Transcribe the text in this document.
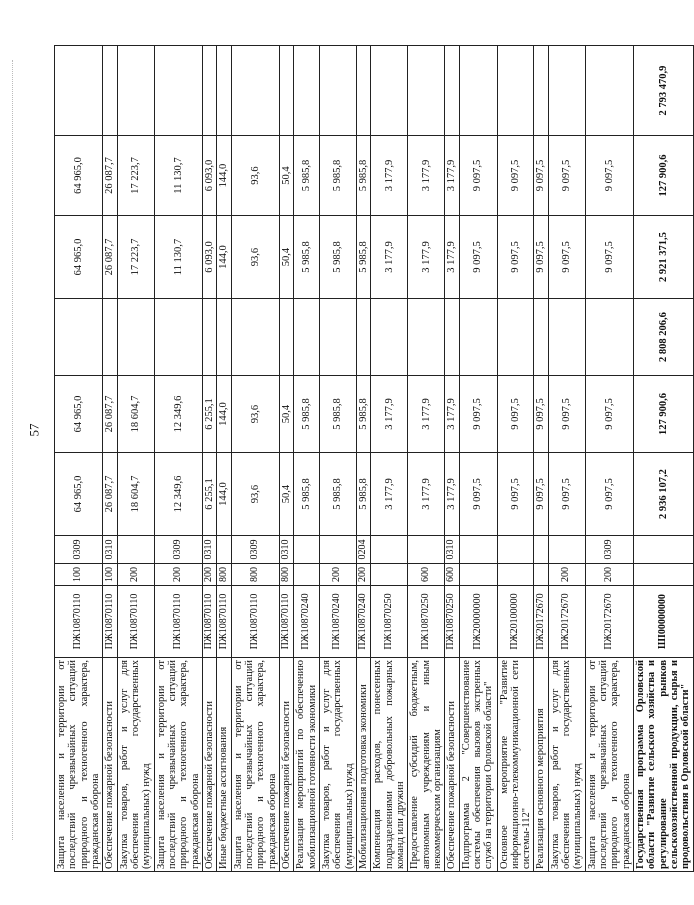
57
Защита населения и территории от последствий чрезвычайных ситуаций природного и техногенного характера, гражданская оборона	ПЖ10870110	100	0309	64 965,0	64 965,0		64 965,0	64 965,0	
Обеспечение пожарной безопасности	ПЖ10870110	100	0310	26 087,7	26 087,7		26 087,7	26 087,7	
Закупка товаров, работ и услуг для обеспечения государственных (муниципальных) нужд	ПЖ10870110	200		18 604,7	18 604,7		17 223,7	17 223,7	
Защита населения и территории от последствий чрезвычайных ситуаций природного и техногенного характера, гражданская оборона	ПЖ10870110	200	0309	12 349,6	12 349,6		11 130,7	11 130,7	
Обеспечение пожарной безопасности	ПЖ10870110	200	0310	6 255,1	6 255,1		6 093,0	6 093,0	
Иные бюджетные ассигнования	ПЖ10870110	800		144,0	144,0		144,0	144,0	
Защита населения и территории от последствий чрезвычайных ситуаций природного и техногенного характера, гражданская оборона	ПЖ10870110	800	0309	93,6	93,6		93,6	93,6	
Обеспечение пожарной безопасности	ПЖ10870110	800	0310	50,4	50,4		50,4	50,4	
Реализация мероприятий по обеспечению мобилизационной готовности экономики	ПЖ10870240			5 985,8	5 985,8		5 985,8	5 985,8	
Закупка товаров, работ и услуг для обеспечения государственных (муниципальных) нужд	ПЖ10870240	200		5 985,8	5 985,8		5 985,8	5 985,8	
Мобилизационная подготовка экономики	ПЖ10870240	200	0204	5 985,8	5 985,8		5 985,8	5 985,8	
Компенсация расходов, понесенных подразделениями добровольных пожарных команд или дружин	ПЖ10870250			3 177,9	3 177,9		3 177,9	3 177,9	
Предоставление субсидий бюджетным, автономным учреждениям и иным некоммерческим организациям	ПЖ10870250	600		3 177,9	3 177,9		3 177,9	3 177,9	
Обеспечение пожарной безопасности	ПЖ10870250	600	0310	3 177,9	3 177,9		3 177,9	3 177,9	
Подпрограмма 2 "Совершенствование системы обеспечения вызовов экстренных служб на территории Орловской области"	ПЖ20000000			9 097,5	9 097,5		9 097,5	9 097,5	
Основное мероприятие "Развитие информационно-телекоммуникационной сети системы-112"	ПЖ20100000			9 097,5	9 097,5		9 097,5	9 097,5	
Реализация основного мероприятия	ПЖ20172670			9 097,5	9 097,5		9 097,5	9 097,5	
Закупка товаров, работ и услуг для обеспечения государственных (муниципальных) нужд	ПЖ20172670	200		9 097,5	9 097,5		9 097,5	9 097,5	
Защита населения и территории от последствий чрезвычайных ситуаций природного и техногенного характера, гражданская оборона	ПЖ20172670	200	0309	9 097,5	9 097,5		9 097,5	9 097,5	
Государственная программа Орловской области "Развитие сельского хозяйства и регулирование рынков сельскохозяйственной продукции, сырья и продовольствия в Орловской области"	ШI00000000			2 936 107,2	127 900,6	2 808 206,6	2 921 371,5	127 900,6	2 793 470,9
